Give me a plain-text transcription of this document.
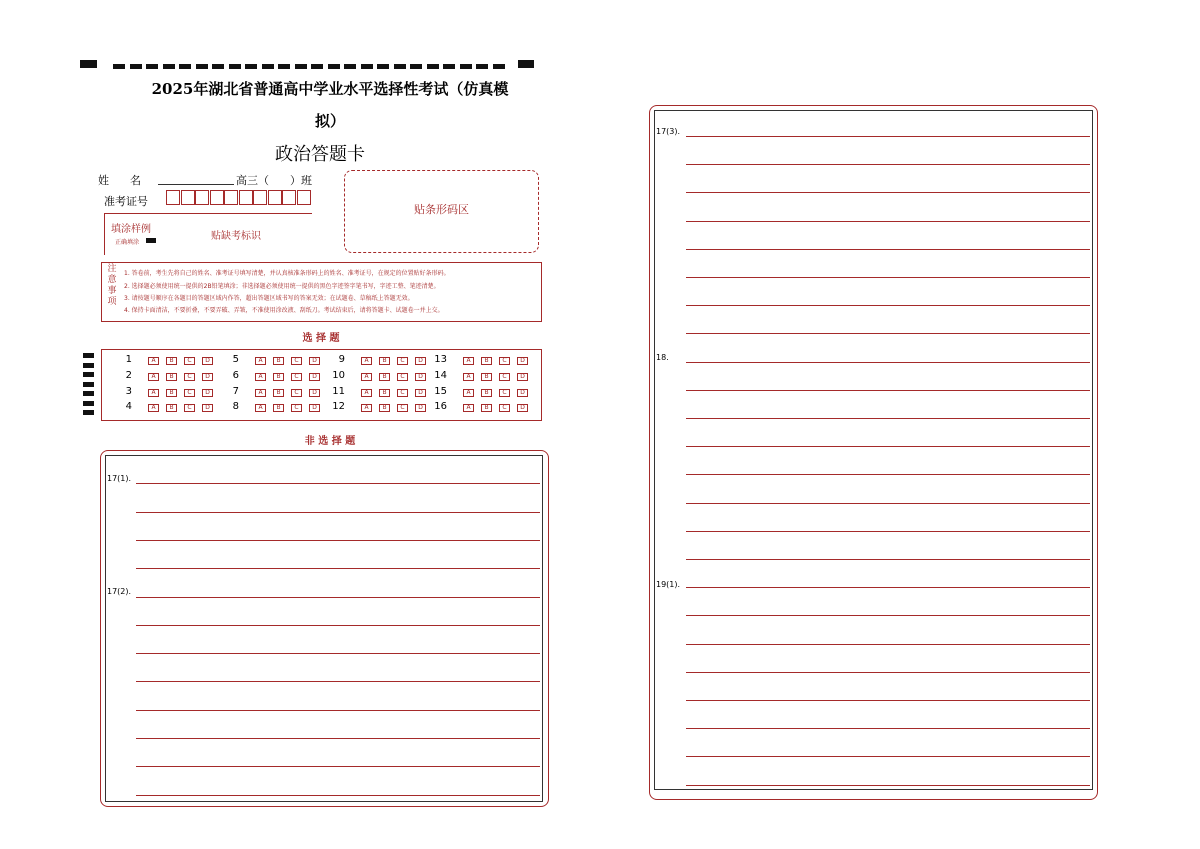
2025年湖北省普通高中学业水平选择性考试（仿真模
拟）
政治答题卡
姓      名	高三（      ）班
准考证号
贴条形码区
填涂样例
正确填涂
贴缺考标识
注
意
事
项
1. 答卷前，考生先将自己的姓名、准考证号填写清楚，并认真核准条形码上的姓名、准考证号，在规定的位置贴好条形码。
2. 选择题必须使用统一提供的2B铅笔填涂；非选择题必须使用统一提供的黑色字迹签字笔书写，字迹工整、笔迹清楚。
3. 请按题号顺序在各题目的答题区域内作答，超出答题区域书写的答案无效；在试题卷、草稿纸上答题无效。
4. 保持卡面清洁，不要折叠，不要弄破、弄皱，不准使用涂改液、刮纸刀。考试结束后，请将答题卡、试题卷一并上交。
选 择 题
1	A	B	C	D
2	A	B	C	D
3	A	B	C	D
4	A	B	C	D
5	A	B	C	D
6	A	B	C	D
7	A	B	C	D
8	A	B	C	D
9	A	B	C	D
10	A	B	C	D
11	A	B	C	D
12	A	B	C	D
13	A	B	C	D
14	A	B	C	D
15	A	B	C	D
16	A	B	C	D
非 选 择 题
17(1).
17(2).
17(3).
18.
19(1).
